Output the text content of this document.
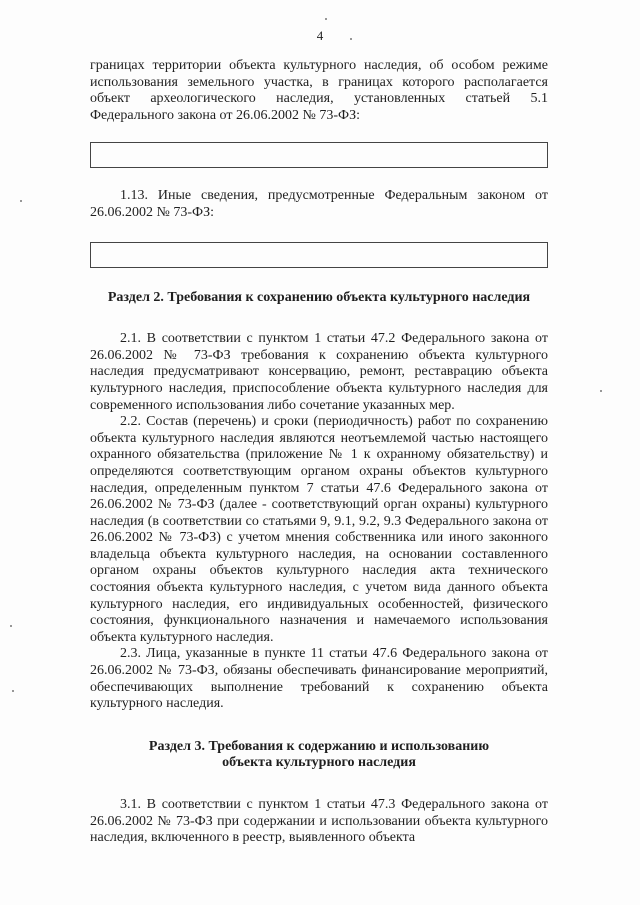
4

границах территории объекта культурного наследия, об особом режиме использования земельного участка, в границах которого располагается объект археологического наследия, установленных статьей 5.1 Федерального закона от 26.06.2002 № 73-ФЗ:

1.13. Иные сведения, предусмотренные Федеральным законом от 26.06.2002 № 73-ФЗ:

Раздел 2. Требования к сохранению объекта культурного наследия

2.1. В соответствии с пунктом 1 статьи 47.2 Федерального закона от 26.06.2002 № 73-ФЗ требования к сохранению объекта культурного наследия предусматривают консервацию, ремонт, реставрацию объекта культурного наследия, приспособление объекта культурного наследия для современного использования либо сочетание указанных мер.

2.2. Состав (перечень) и сроки (периодичность) работ по сохранению объекта культурного наследия являются неотъемлемой частью настоящего охранного обязательства (приложение № 1 к охранному обязательству) и определяются соответствующим органом охраны объектов культурного наследия, определенным пунктом 7 статьи 47.6 Федерального закона от 26.06.2002 № 73-ФЗ (далее - соответствующий орган охраны) культурного наследия (в соответствии со статьями 9, 9.1, 9.2, 9.3 Федерального закона от 26.06.2002 № 73-ФЗ) с учетом мнения собственника или иного законного владельца объекта культурного наследия, на основании составленного органом охраны объектов культурного наследия акта технического состояния объекта культурного наследия, с учетом вида данного объекта культурного наследия, его индивидуальных особенностей, физического состояния, функционального назначения и намечаемого использования объекта культурного наследия.

2.3. Лица, указанные в пункте 11 статьи 47.6 Федерального закона от 26.06.2002 № 73-ФЗ, обязаны обеспечивать финансирование мероприятий, обеспечивающих выполнение требований к сохранению объекта культурного наследия.

Раздел 3. Требования к содержанию и использованию

объекта культурного наследия

3.1. В соответствии с пунктом 1 статьи 47.3 Федерального закона от 26.06.2002 № 73-ФЗ при содержании и использовании объекта культурного наследия, включенного в реестр, выявленного объекта
